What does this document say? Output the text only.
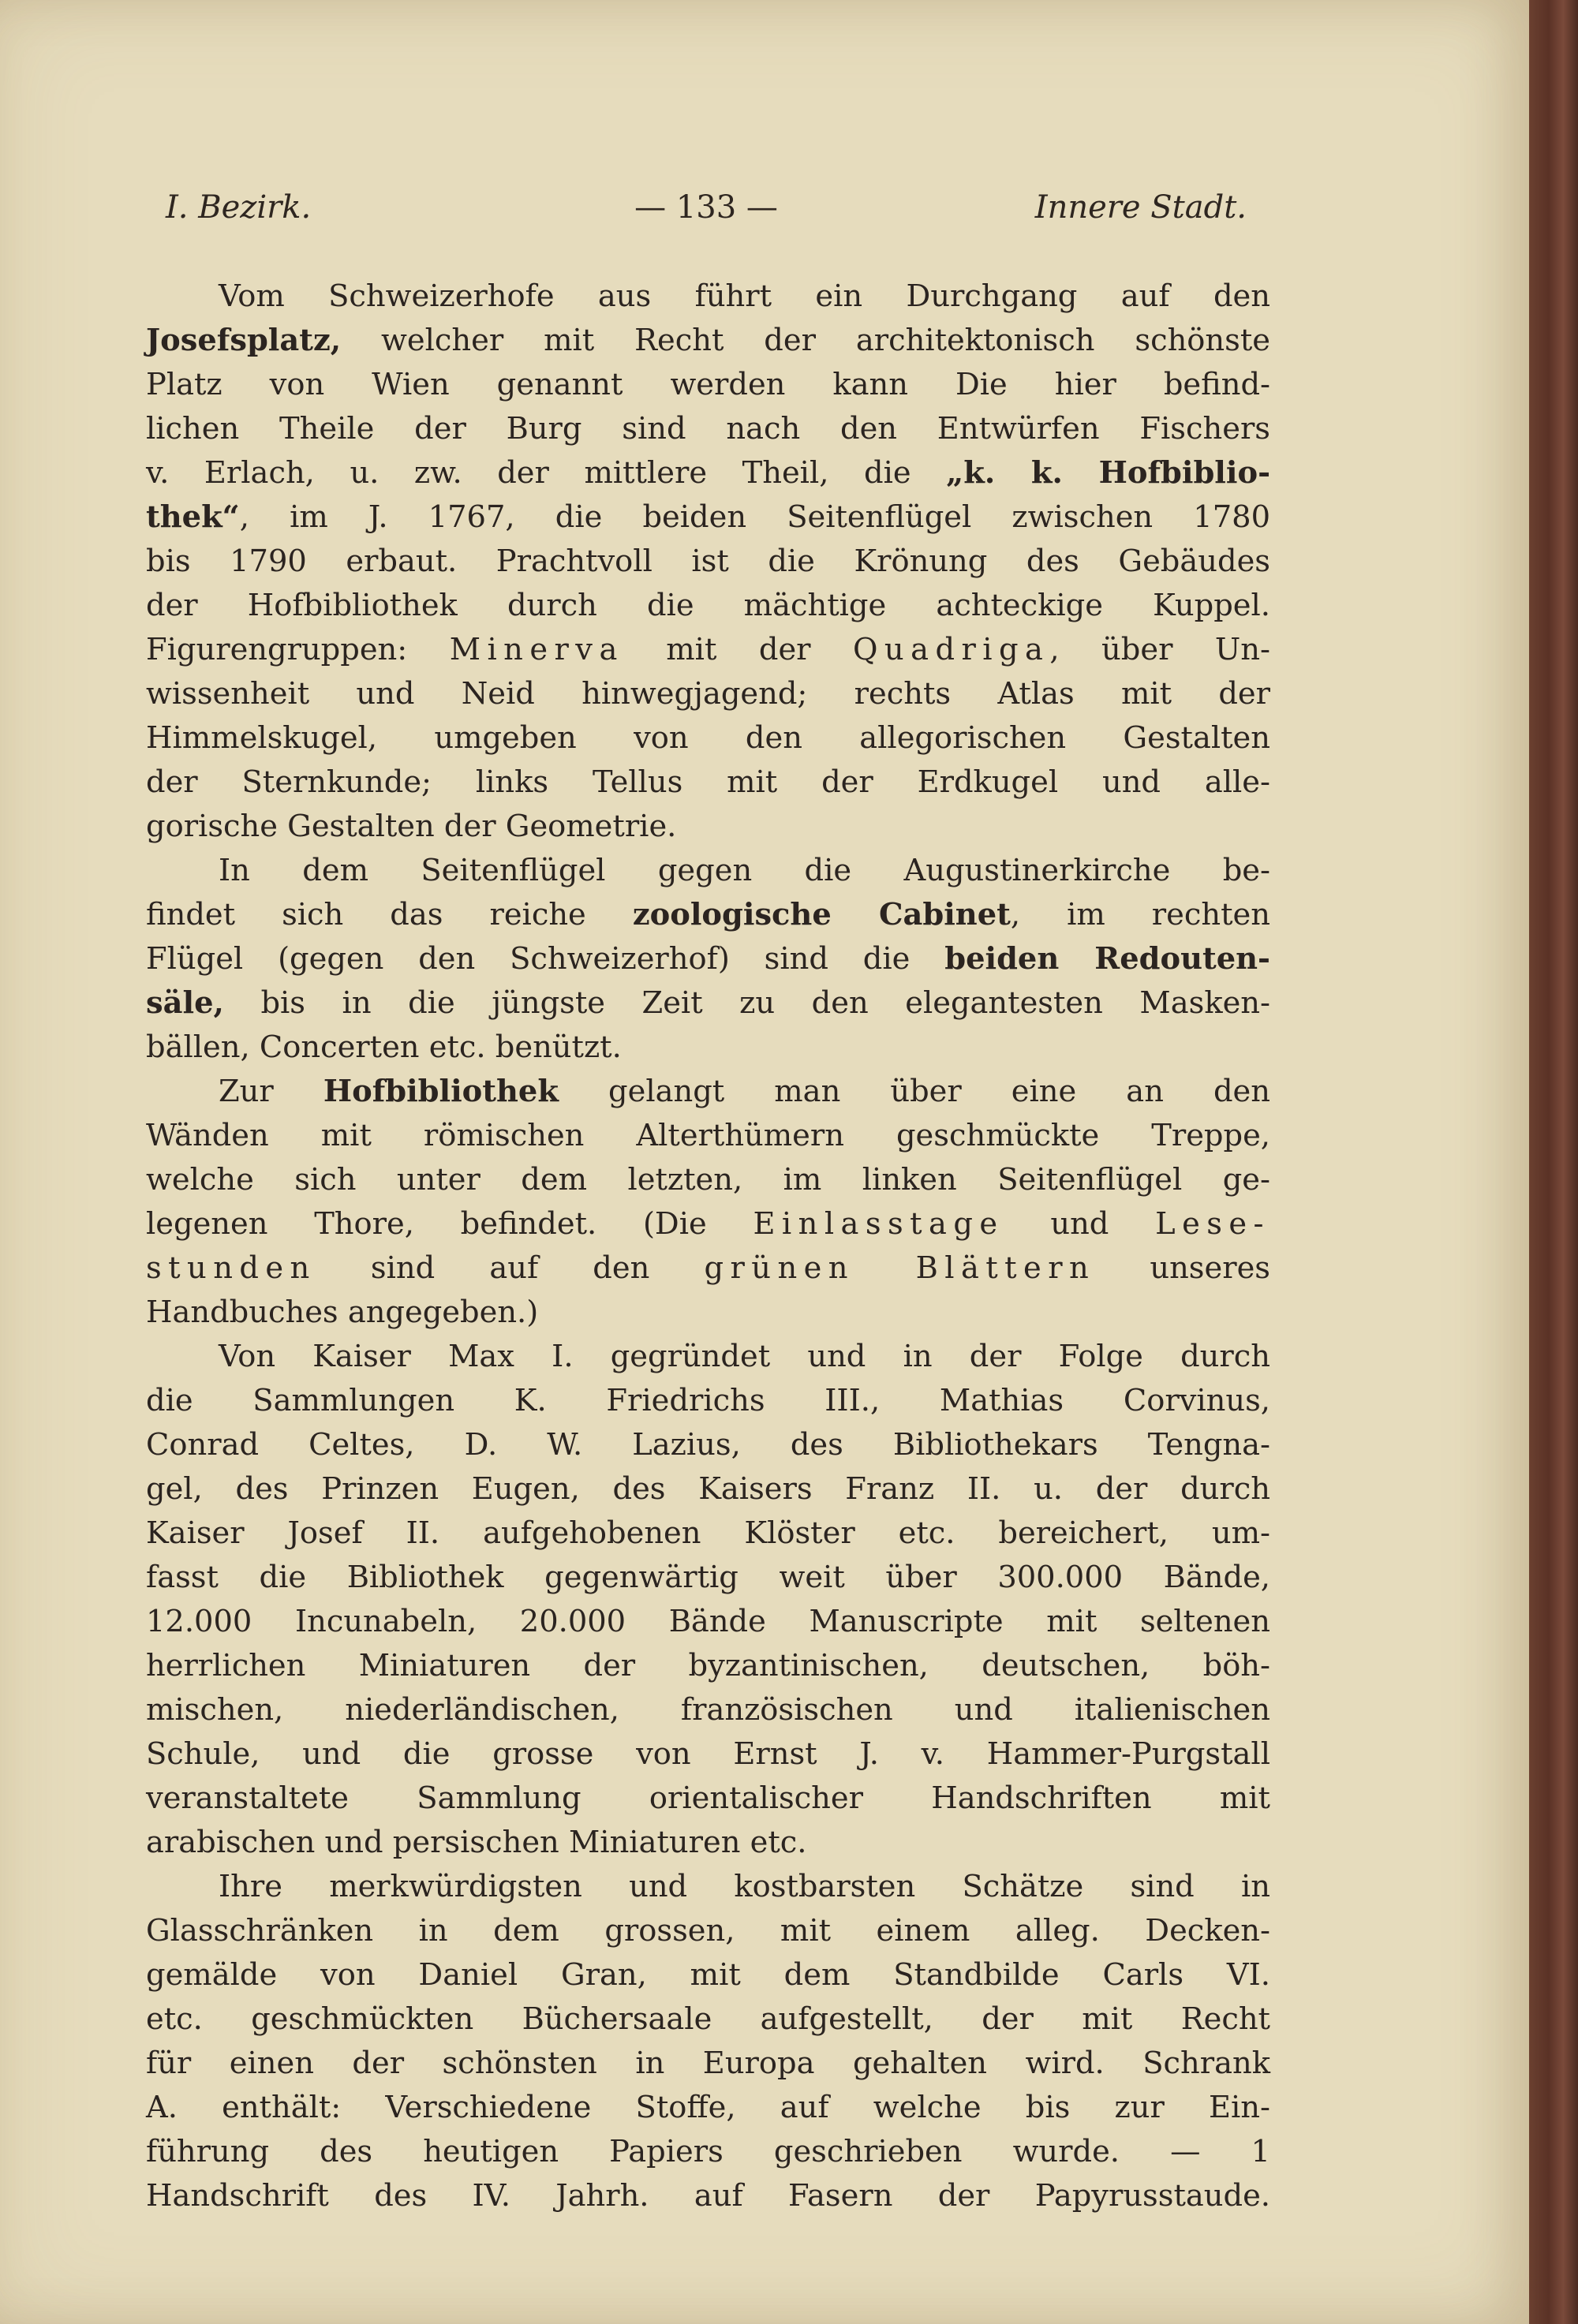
I. Bezirk.	— 133 —	Innere Stadt.

Vom Schweizerhofe aus führt ein Durchgang auf den

Josefsplatz, welcher mit Recht der architektonisch schönste

Platz von Wien genannt werden kann Die hier befind-

lichen Theile der Burg sind nach den Entwürfen Fischers

v. Erlach, u. zw. der mittlere Theil, die „k. k. Hofbiblio-

thek“, im J. 1767, die beiden Seitenflügel zwischen 1780

bis 1790 erbaut. Prachtvoll ist die Krönung des Gebäudes

der Hofbibliothek durch die mächtige achteckige Kuppel.

Figurengruppen: Minerva mit der Quadriga, über Un-

wissenheit und Neid hinwegjagend; rechts Atlas mit der

Himmelskugel, umgeben von den allegorischen Gestalten

der Sternkunde; links Tellus mit der Erdkugel und alle-

gorische Gestalten der Geometrie.

In dem Seitenflügel gegen die Augustinerkirche be-

findet sich das reiche zoologische Cabinet, im rechten

Flügel (gegen den Schweizerhof) sind die beiden Redouten-

säle, bis in die jüngste Zeit zu den elegantesten Masken-

bällen, Concerten etc. benützt.

Zur Hofbibliothek gelangt man über eine an den

Wänden mit römischen Alterthümern geschmückte Treppe,

welche sich unter dem letzten, im linken Seitenflügel ge-

legenen Thore, befindet. (Die Einlasstage und Lese-

stunden sind auf den grünen Blättern unseres

Handbuches angegeben.)

Von Kaiser Max I. gegründet und in der Folge durch

die Sammlungen K. Friedrichs III., Mathias Corvinus,

Conrad Celtes, D. W. Lazius, des Bibliothekars Tengna-

gel, des Prinzen Eugen, des Kaisers Franz II. u. der durch

Kaiser Josef II. aufgehobenen Klöster etc. bereichert, um-

fasst die Bibliothek gegenwärtig weit über 300.000 Bände,

12.000 Incunabeln, 20.000 Bände Manuscripte mit seltenen

herrlichen Miniaturen der byzantinischen, deutschen, böh-

mischen, niederländischen, französischen und italienischen

Schule, und die grosse von Ernst J. v. Hammer-Purgstall

veranstaltete Sammlung orientalischer Handschriften mit

arabischen und persischen Miniaturen etc.

Ihre merkwürdigsten und kostbarsten Schätze sind in

Glasschränken in dem grossen, mit einem alleg. Decken-

gemälde von Daniel Gran, mit dem Standbilde Carls VI.

etc. geschmückten Büchersaale aufgestellt, der mit Recht

für einen der schönsten in Europa gehalten wird. Schrank

A. enthält: Verschiedene Stoffe, auf welche bis zur Ein-

führung des heutigen Papiers geschrieben wurde. — 1

Handschrift des IV. Jahrh. auf Fasern der Papyrusstaude.
